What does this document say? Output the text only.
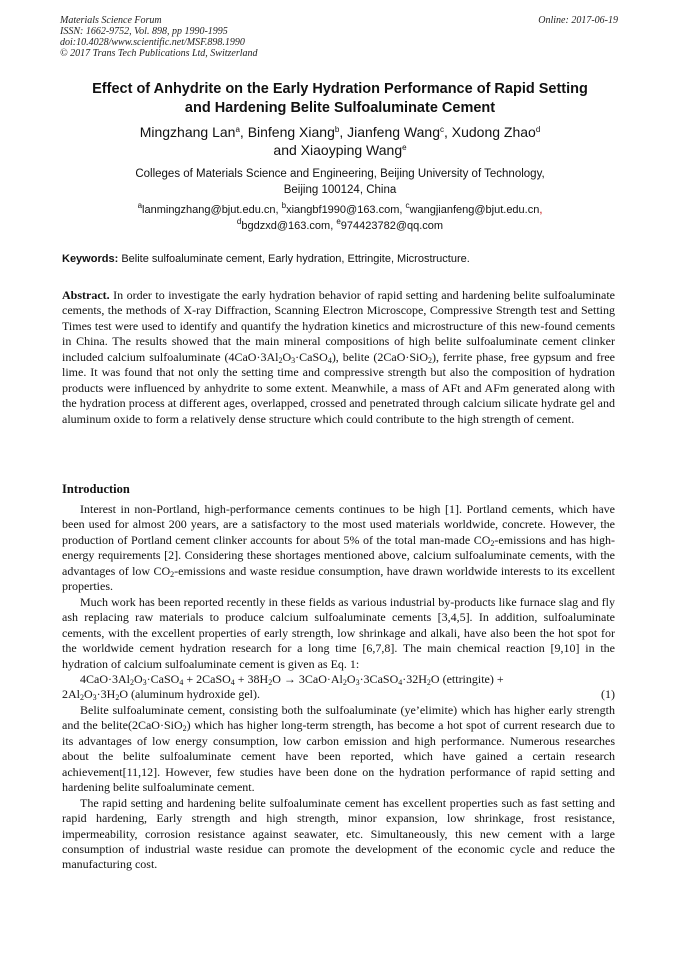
Materials Science Forum
ISSN: 1662-9752, Vol. 898, pp 1990-1995
doi:10.4028/www.scientific.net/MSF.898.1990
© 2017 Trans Tech Publications Ltd, Switzerland
Online: 2017-06-19
Effect of Anhydrite on the Early Hydration Performance of Rapid Setting
and Hardening Belite Sulfoaluminate Cement
Mingzhang Lan$^a$, Binfeng Xiang$^b$, Jianfeng Wang$^c$, Xudong Zhao$^d$
and Xiaoyping Wang$^e$
Colleges of Materials Science and Engineering, Beijing University of Technology,
Beijing 100124, China
$^a$lanmingzhang@bjut.edu.cn, $^b$xiangbf1990@163.com, $^c$wangjianfeng@bjut.edu.cn,
$^d$bgdzxd@163.com, $^e$974423782@qq.com
Keywords: Belite sulfoaluminate cement, Early hydration, Ettringite, Microstructure.
Abstract. In order to investigate the early hydration behavior of rapid setting and hardening belite sulfoaluminate cements, the methods of X-ray Diffraction, Scanning Electron Microscope, Compressive Strength test and Setting Times test were used to identify and quantify the hydration kinetics and microstructure of this new-found cements in China. The results showed that the main mineral compositions of high belite sulfoaluminate cement clinker included calcium sulfoaluminate $(4CaO\cdot 3Al_2O_3\cdot CaSO_4)$, belite (2CaO·SiO$_2$), ferrite phase, free gypsum and free lime. It was found that not only the setting time and compressive strength but also the composition of hydration products were influenced by anhydrite to some extent. Meanwhile, a mass of AFt and AFm generated along with the hydration process at different ages, overlapped, crossed and penetrated through calcium silicate hydrate gel and aluminum oxide to form a relatively dense structure which could contribute to the high strength of cement.
Introduction

Interest in non-Portland, high-performance cements continues to be high [1]. Portland cements, which have been used for almost 200 years, are a satisfactory to the most used materials worldwide, concrete. However, the production of Portland cement clinker accounts for about 5% of the total man-made $CO_2$-emissions and has high-energy requirements [2]. Considering these shortages mentioned above, calcium sulfoaluminate cements, with the advantages of low $CO_2$-emissions and waste residue consumption, have drawn worldwide interests to its excellent properties.

Much work has been reported recently in these fields as various industrial by-products like furnace slag and fly ash replacing raw materials to produce calcium sulfoaluminate cements [3,4,5]. In addition, sulfoaluminate cements, with the excellent properties of early strength, low shrinkage and alkali, have also been the hot spot for the worldwide cement hydration research for a long time [6,7,8]. The main chemical reaction [9,10] in the hydration of calcium sulfoaluminate cement is given as Eq. 1:

$4CaO\cdot 3Al_2O_3\cdot CaSO_4$ + 2CaSO$_4$ + $38H_2O$ → $3CaO\cdot Al_2O_3\cdot 3CaSO_4\cdot 32H_2O$ (ettringite) +
$2Al_2O_3\cdot 3H_2O$ (aluminum hydroxide gel).	(1)

Belite sulfoaluminate cement, consisting both the sulfoaluminate (ye’elimite) which has higher early strength and the belite(2CaO·SiO$_2$) which has higher long-term strength, has become a hot spot of current research due to its advantages of low energy consumption, low carbon emission and high performance. Numerous researches about the belite sulfoaluminate cement have been reported, which have gained a certain research achievement[11,12]. However, few studies have been done on the hydration performance of rapid setting and hardening belite sulfoaluminate cement.

The rapid setting and hardening belite sulfoaluminate cement has excellent properties such as fast setting and rapid hardening, Early strength and high strength, minor expansion, low shrinkage, frost resistance, impermeability, corrosion resistance against seawater, etc. Simultaneously, this new cement with a large consumption of industrial waste residue can promote the development of the economic cycle and reduce the manufacturing cost.
